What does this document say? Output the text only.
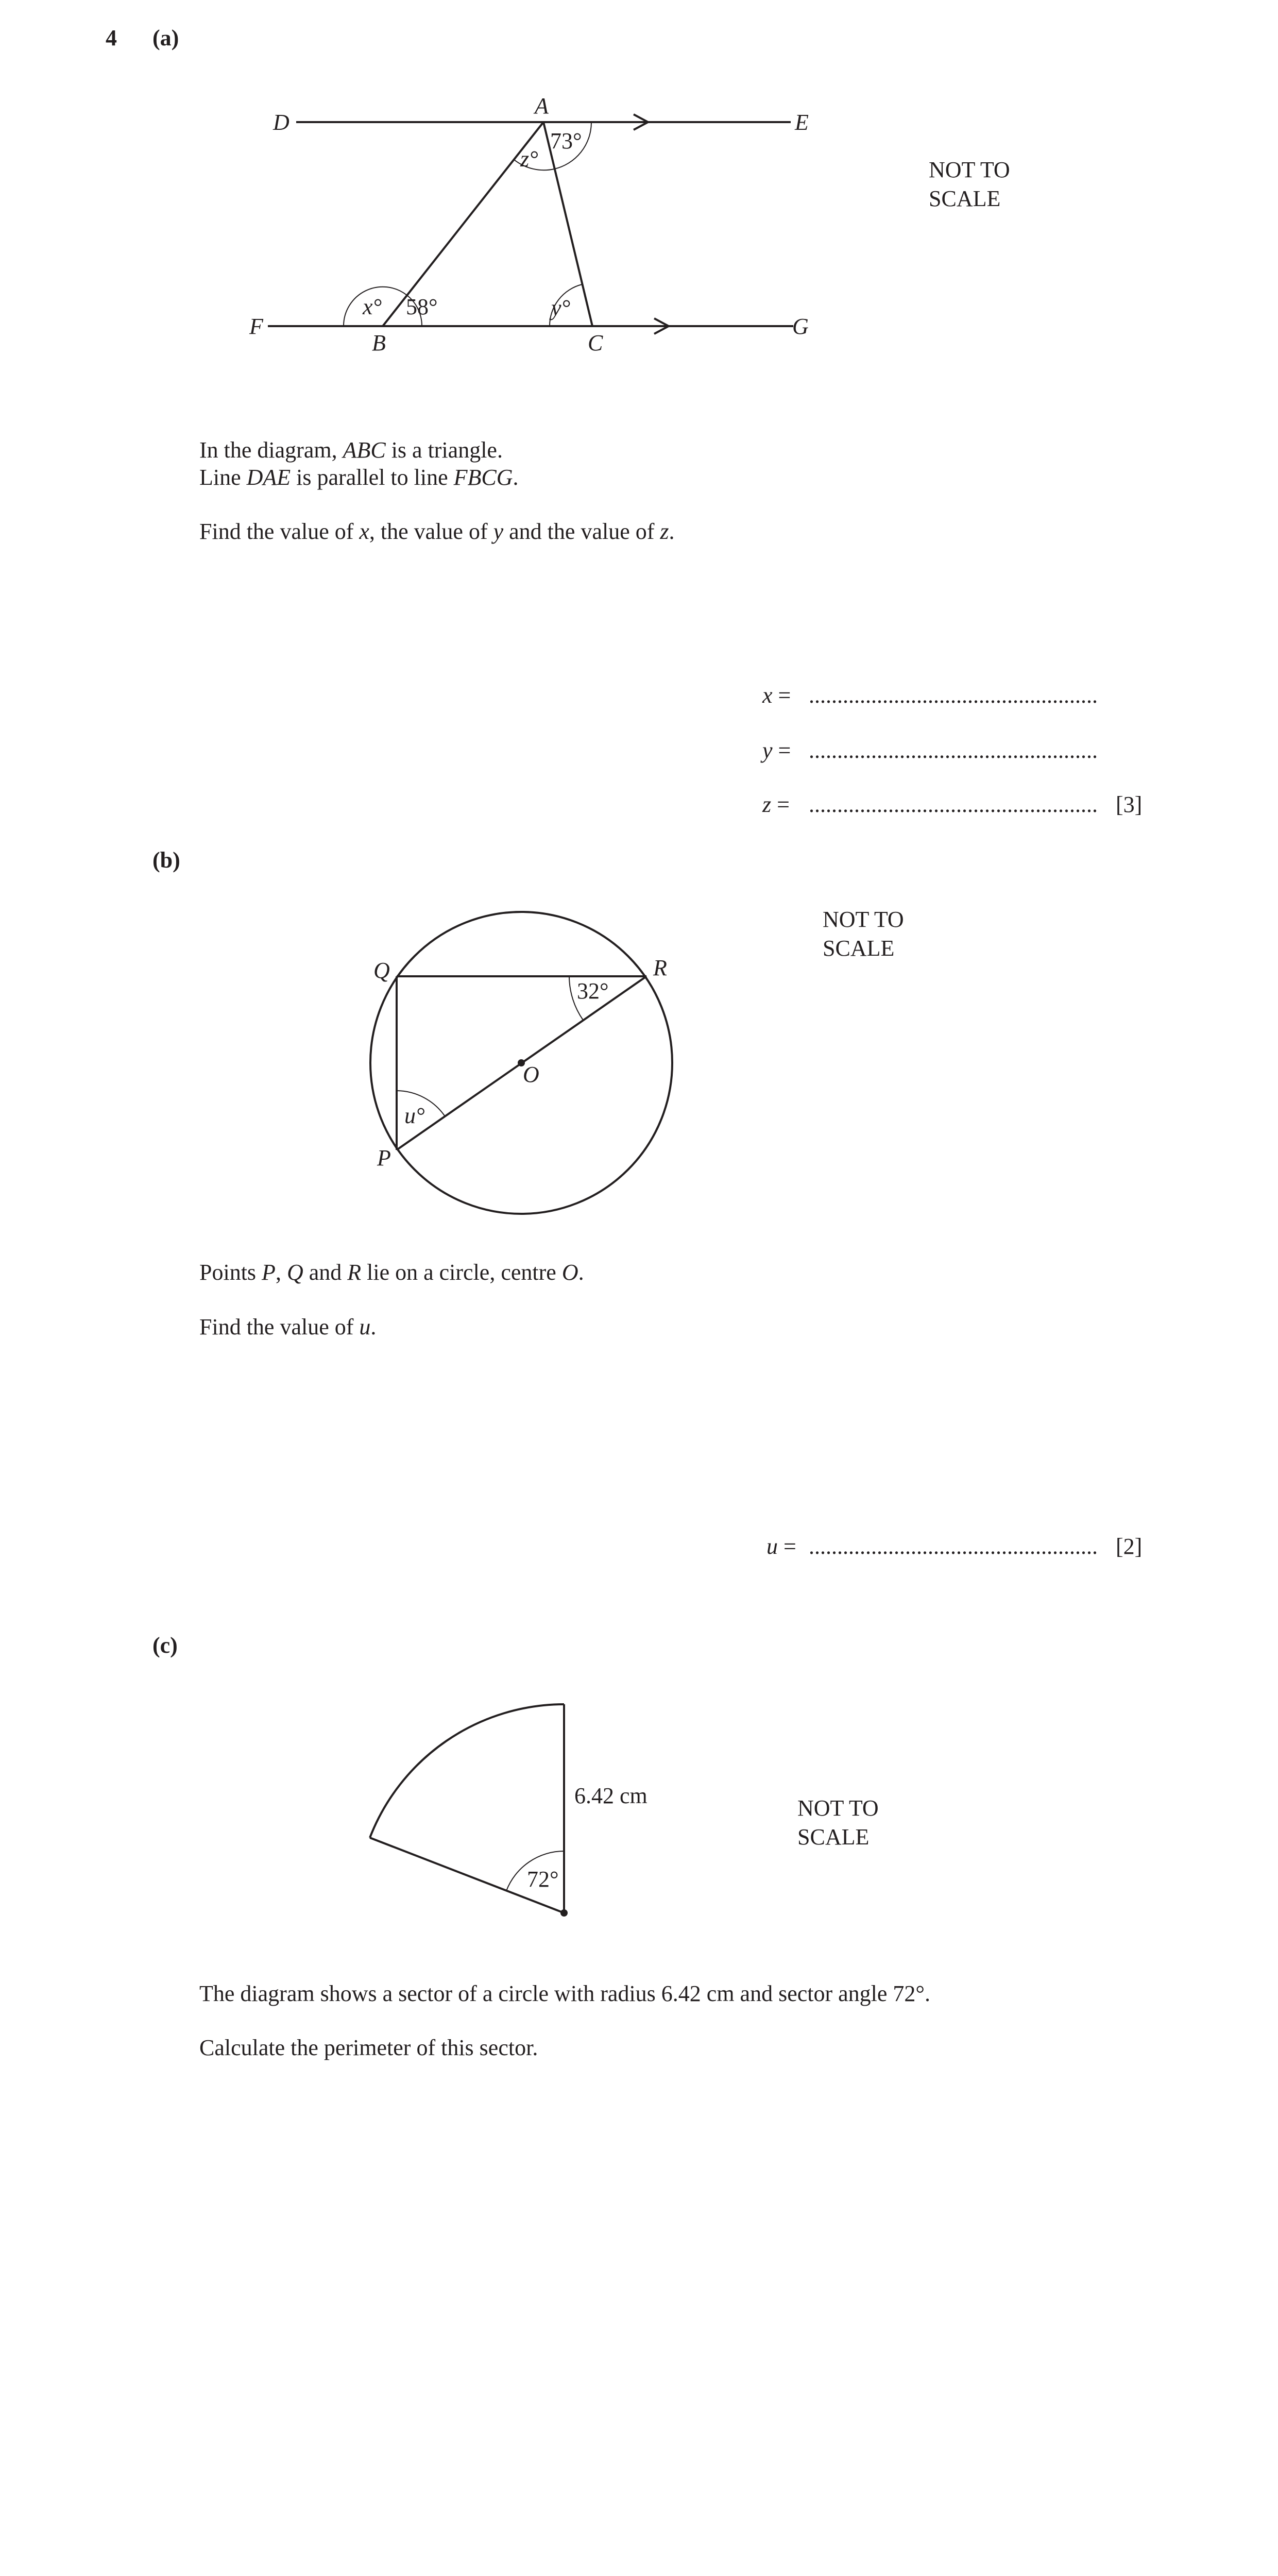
4 (a)
D
A
E
F
B	C
G
73°
z°
x° 58°	y°
NOT TO
SCALE
In the diagram, ABC is a triangle.
Line DAE is parallel to line FBCG.
Find the value of x, the value of y and the value of z.
x = ...................................................
y = ...................................................
z = ................................................... [3]
(b)
Q	R
O
P
32°
u°
NOT TO
SCALE
Points P, Q and R lie on a circle, centre O.
Find the value of u.
u = ................................................... [2]
(c)
6.42 cm
72°
NOT TO
SCALE
The diagram shows a sector of a circle with radius 6.42 cm and sector angle 72°.
Calculate the perimeter of this sector.
